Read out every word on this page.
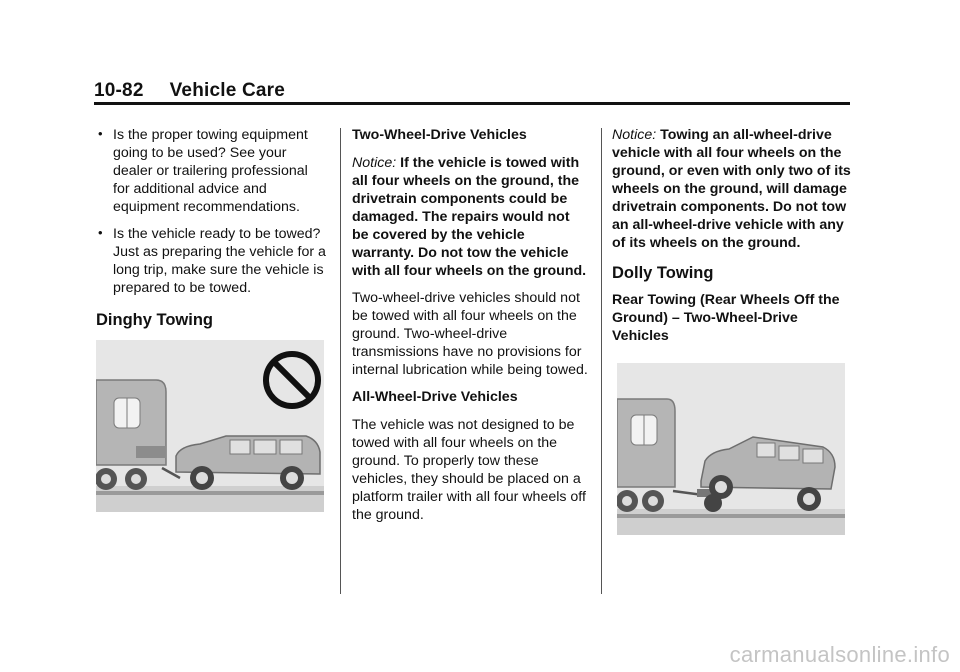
10-82 Vehicle Care
• Is the proper towing equipment going to be used? See your dealer or trailering professional for additional advice and equipment recommendations.
• Is the vehicle ready to be towed? Just as preparing the vehicle for a long trip, make sure the vehicle is prepared to be towed.
Dinghy Towing
Two-Wheel-Drive Vehicles

Notice: If the vehicle is towed with all four wheels on the ground, the drivetrain components could be damaged. The repairs would not be covered by the vehicle warranty. Do not tow the vehicle with all four wheels on the ground.

Two-wheel-drive vehicles should not be towed with all four wheels on the ground. Two-wheel-drive transmissions have no provisions for internal lubrication while being towed.

All-Wheel-Drive Vehicles

The vehicle was not designed to be towed with all four wheels on the ground. To properly tow these vehicles, they should be placed on a platform trailer with all four wheels off the ground.

Notice: Towing an all-wheel-drive vehicle with all four wheels on the ground, or even with only two of its wheels on the ground, will damage drivetrain components. Do not tow an all-wheel-drive vehicle with any of its wheels on the ground.

Dolly Towing
Rear Towing (Rear Wheels Off the Ground) – Two-Wheel-Drive Vehicles
carmanualsonline.info
